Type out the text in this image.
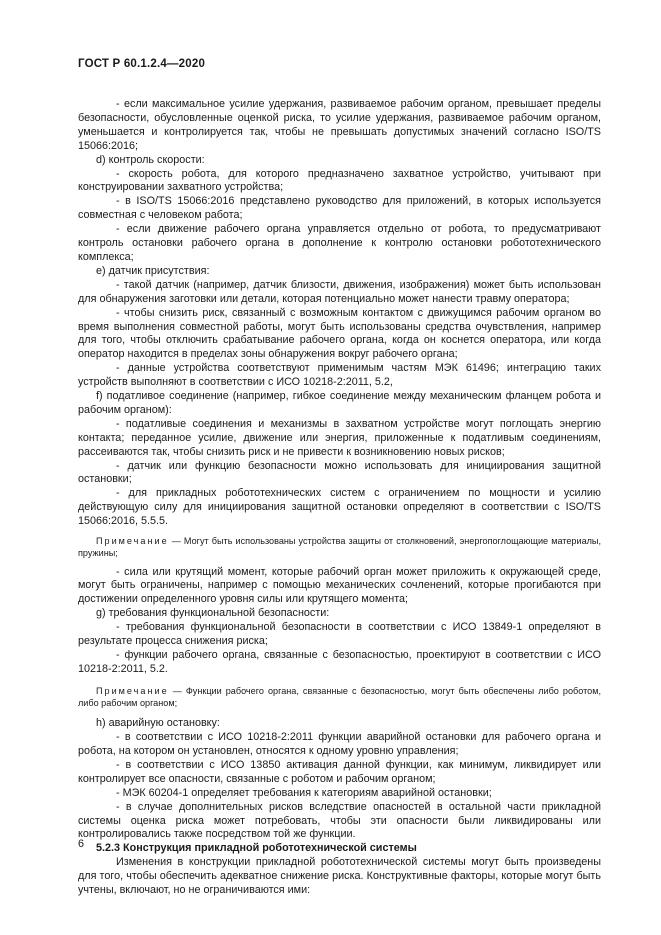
ГОСТ Р 60.1.2.4—2020

- если максимальное усилие удержания, развиваемое рабочим органом, превышает пределы безопасности, обусловленные оценкой риска, то усилие удержания, развиваемое рабочим органом, уменьшается и контролируется так, чтобы не превышать допустимых значений согласно ISO/TS 15066:2016;

d) контроль скорости:

- скорость робота, для которого предназначено захватное устройство, учитывают при конструировании захватного устройства;

- в ISO/TS 15066:2016 представлено руководство для приложений, в которых используется совместная с человеком работа;

- если движение рабочего органа управляется отдельно от робота, то предусматривают контроль остановки рабочего органа в дополнение к контролю остановки робототехнического комплекса;

e) датчик присутствия:

- такой датчик (например, датчик близости, движения, изображения) может быть использован для обнаружения заготовки или детали, которая потенциально может нанести травму оператора;

- чтобы снизить риск, связанный с возможным контактом с движущимся рабочим органом во время выполнения совместной работы, могут быть использованы средства очувствления, например для того, чтобы отключить срабатывание рабочего органа, когда он коснется оператора, или когда оператор находится в пределах зоны обнаружения вокруг рабочего органа;

- данные устройства соответствуют применимым частям МЭК 61496; интеграцию таких устройств выполняют в соответствии с ИСО 10218-2:2011, 5.2,

f) податливое соединение (например, гибкое соединение между механическим фланцем робота и рабочим органом):

- податливые соединения и механизмы в захватном устройстве могут поглощать энергию контакта; переданное усилие, движение или энергия, приложенные к податливым соединениям, рассеиваются так, чтобы снизить риск и не привести к возникновению новых рисков;

- датчик или функцию безопасности можно использовать для инициирования защитной остановки;

- для прикладных робототехнических систем с ограничением по мощности и усилию действующую силу для инициирования защитной остановки определяют в соответствии с ISO/TS 15066:2016, 5.5.5.

Примечание — Могут быть использованы устройства защиты от столкновений, энергопоглощающие материалы, пружины;

- сила или крутящий момент, которые рабочий орган может приложить к окружающей среде, могут быть ограничены, например с помощью механических сочленений, которые прогибаются при достижении определенного уровня силы или крутящего момента;

g) требования функциональной безопасности:

- требования функциональной безопасности в соответствии с ИСО 13849-1 определяют в результате процесса снижения риска;

- функции рабочего органа, связанные с безопасностью, проектируют в соответствии с ИСО 10218-2:2011, 5.2.

Примечание — Функции рабочего органа, связанные с безопасностью, могут быть обеспечены либо роботом, либо рабочим органом;

h) аварийную остановку:

- в соответствии с ИСО 10218-2:2011 функции аварийной остановки для рабочего органа и робота, на котором он установлен, относятся к одному уровню управления;

- в соответствии с ИСО 13850 активация данной функции, как минимум, ликвидирует или контролирует все опасности, связанные с роботом и рабочим органом;

- МЭК 60204-1 определяет требования к категориям аварийной остановки;

- в случае дополнительных рисков вследствие опасностей в остальной части прикладной системы оценка риска может потребовать, чтобы эти опасности были ликвидированы или контролировались также посредством той же функции.

5.2.3 Конструкция прикладной робототехнической системы

Изменения в конструкции прикладной робототехнической системы могут быть произведены для того, чтобы обеспечить адекватное снижение риска. Конструктивные факторы, которые могут быть учтены, включают, но не ограничиваются ими:

6
